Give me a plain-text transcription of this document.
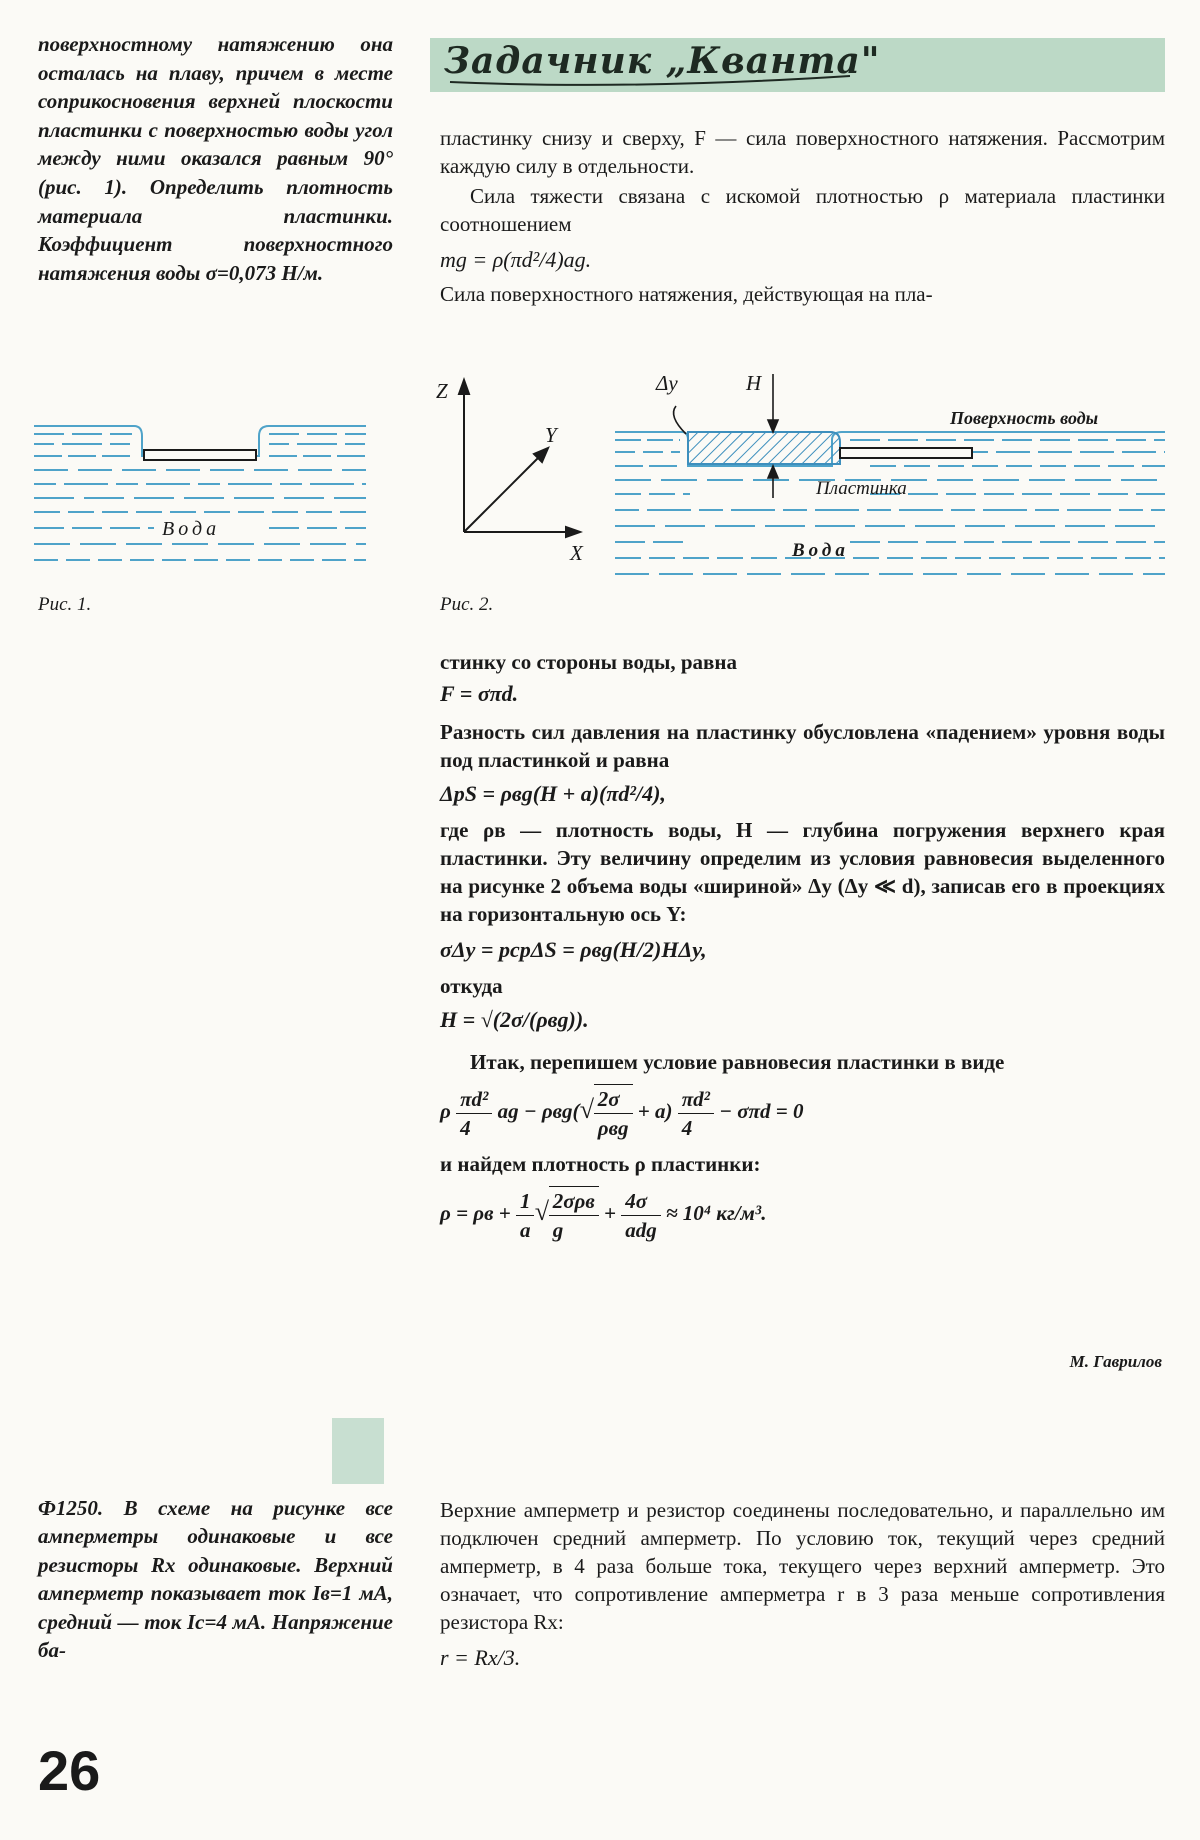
поверхностному натяжению она осталась на плаву, причем в месте соприкосновения верхней плоскости пластинки с поверхностью воды угол между ними оказался равным 90° (рис. 1). Определить плотность материала пластинки. Коэффициент поверхностного натяжения воды σ=0,073 Н/м.
Задачник „Кванта"

пластинку снизу и сверху, F — сила поверхностного натяжения. Рассмотрим каждую силу в отдельности.

Сила тяжести связана с искомой плотностью ρ материала пластинки соотношением

mg = ρ(πd²/4)ag.

Сила поверхностного натяжения, действующая на пла-

Вода
Рис. 1.
Z
Y
X
Δy	H
Поверхность воды
Пластинка
Вода
Рис. 2.

стинку со стороны воды, равна

F = σπd.

Разность сил давления на пластинку обусловлена «падением» уровня воды под пластинкой и равна

ΔpS = ρвg(H + a)(πd²/4),

где ρв — плотность воды, H — глубина погружения верхнего края пластинки. Эту величину определим из условия равновесия выделенного на рисунке 2 объема воды «шириной» Δy (Δy ≪ d), записав его в проекциях на горизонтальную ось Y:

σΔy = pсрΔS = ρвg(H/2)HΔy,

откуда

H = √(2σ/(ρвg)).

Итак, перепишем условие равновесия пластинки в виде

ρ $\frac{\text{πd²}}{4}$ ag − $\rho вg(√ \frac{2\sigma}{\text{ρвg}} + a) \frac{\text{πd²}}{4} - \sigma\pi d = 0$

и найдем плотность ρ пластинки:

$\rho = \rho в + \frac{1}{a}$ √ $\frac{\text{2σρв}}{g} + \frac{4\sigma}{\text{adg}} \approx 10^4$ кг/м³.
М. Гаврилов
Ф1250. В схеме на рисунке все амперметры одинаковые и все резисторы Rx одинаковые. Верхний амперметр показывает ток Iв=1 мА, средний — ток Iс=4 мА. Напряжение ба-

Верхние амперметр и резистор соединены последовательно, и параллельно им подключен средний амперметр. По условию ток, текущий через средний амперметр, в 4 раза больше тока, текущего через верхний амперметр. Это означает, что сопротивление амперметра r в 3 раза меньше сопротивления резистора Rx:

r = Rx/3.

26
